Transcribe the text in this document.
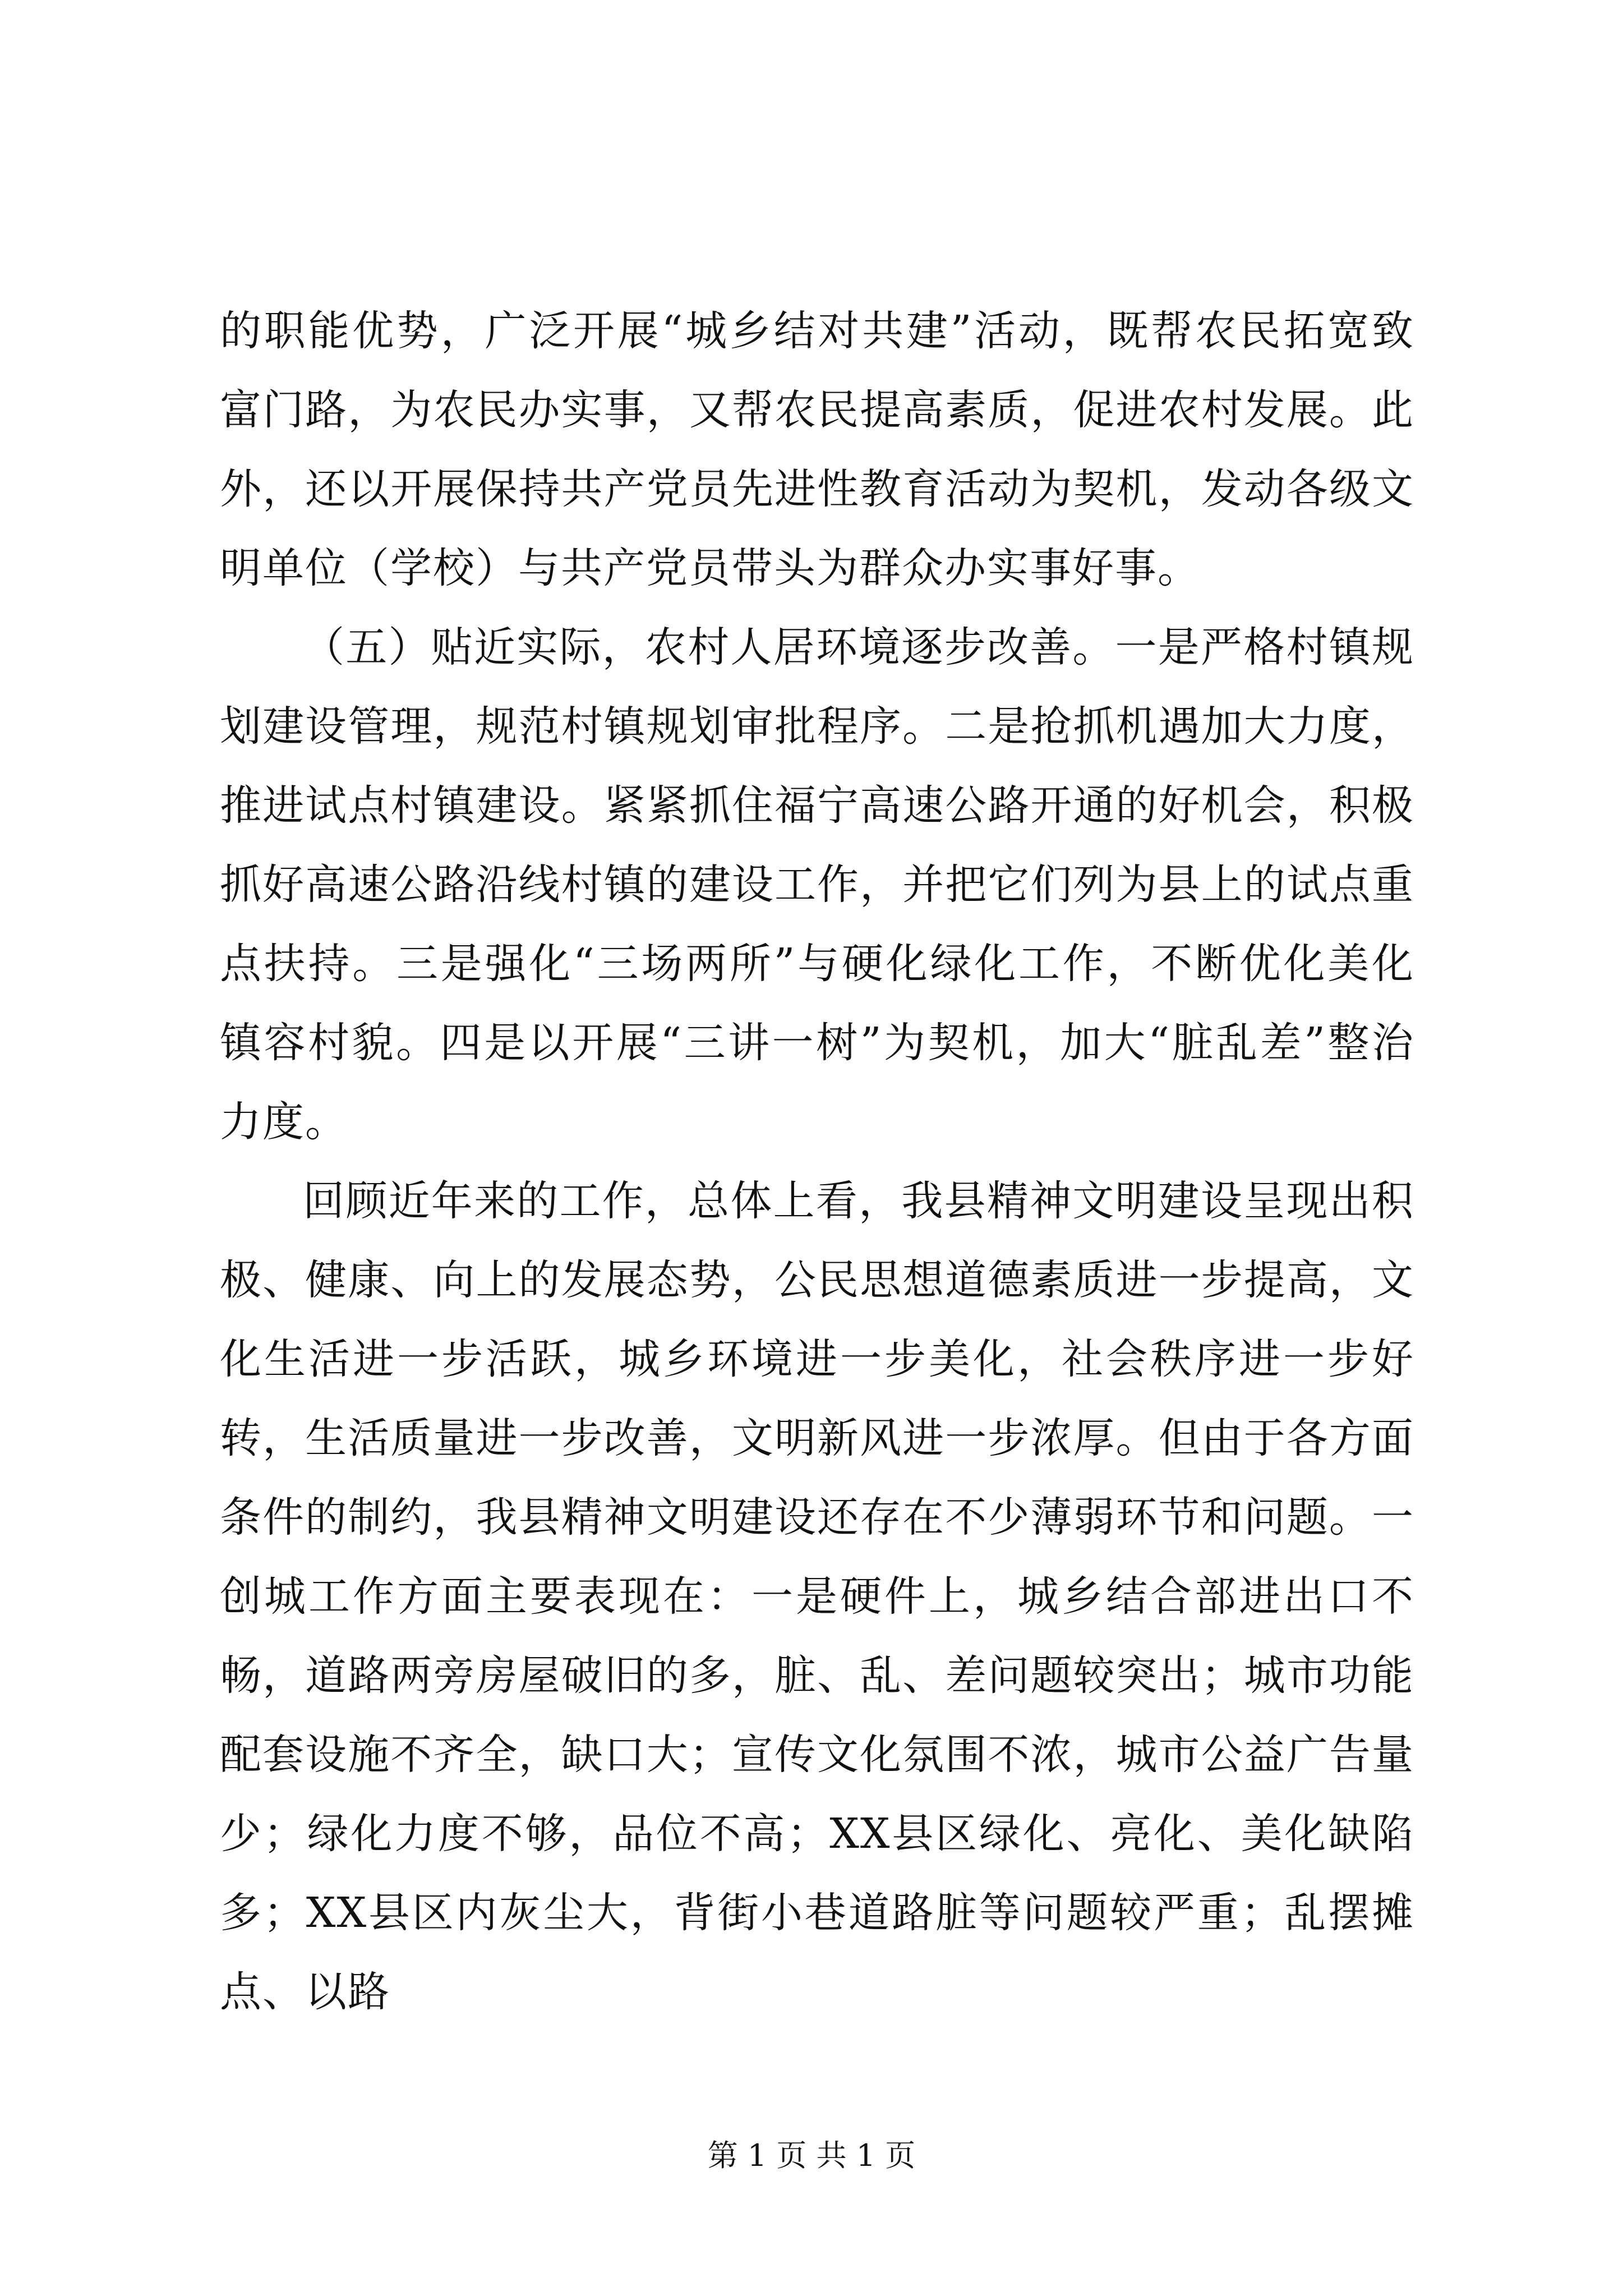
的职能优势，广泛开展“城乡结对共建”活动，既帮农民拓宽致富门路，为农民办实事，又帮农民提高素质，促进农村发展。此外，还以开展保持共产党员先进性教育活动为契机，发动各级文明单位（学校）与共产党员带头为群众办实事好事。

（五）贴近实际，农村人居环境逐步改善。一是严格村镇规划建设管理，规范村镇规划审批程序。二是抢抓机遇加大力度，推进试点村镇建设。紧紧抓住福宁高速公路开通的好机会，积极抓好高速公路沿线村镇的建设工作，并把它们列为县上的试点重点扶持。三是强化“三场两所”与硬化绿化工作，不断优化美化镇容村貌。四是以开展“三讲一树”为契机，加大“脏乱差”整治力度。

回顾近年来的工作，总体上看，我县精神文明建设呈现出积极、健康、向上的发展态势，公民思想道德素质进一步提高，文化生活进一步活跃，城乡环境进一步美化，社会秩序进一步好转，生活质量进一步改善，文明新风进一步浓厚。但由于各方面条件的制约，我县精神文明建设还存在不少薄弱环节和问题。一创城工作方面主要表现在：一是硬件上，城乡结合部进出口不畅，道路两旁房屋破旧的多，脏、乱、差问题较突出；城市功能配套设施不齐全，缺口大；宣传文化氛围不浓，城市公益广告量少；绿化力度不够，品位不高；XX县区绿化、亮化、美化缺陷多；XX县区内灰尘大，背街小巷道路脏等问题较严重；乱摆摊点、以路

第 1 页 共 1 页
